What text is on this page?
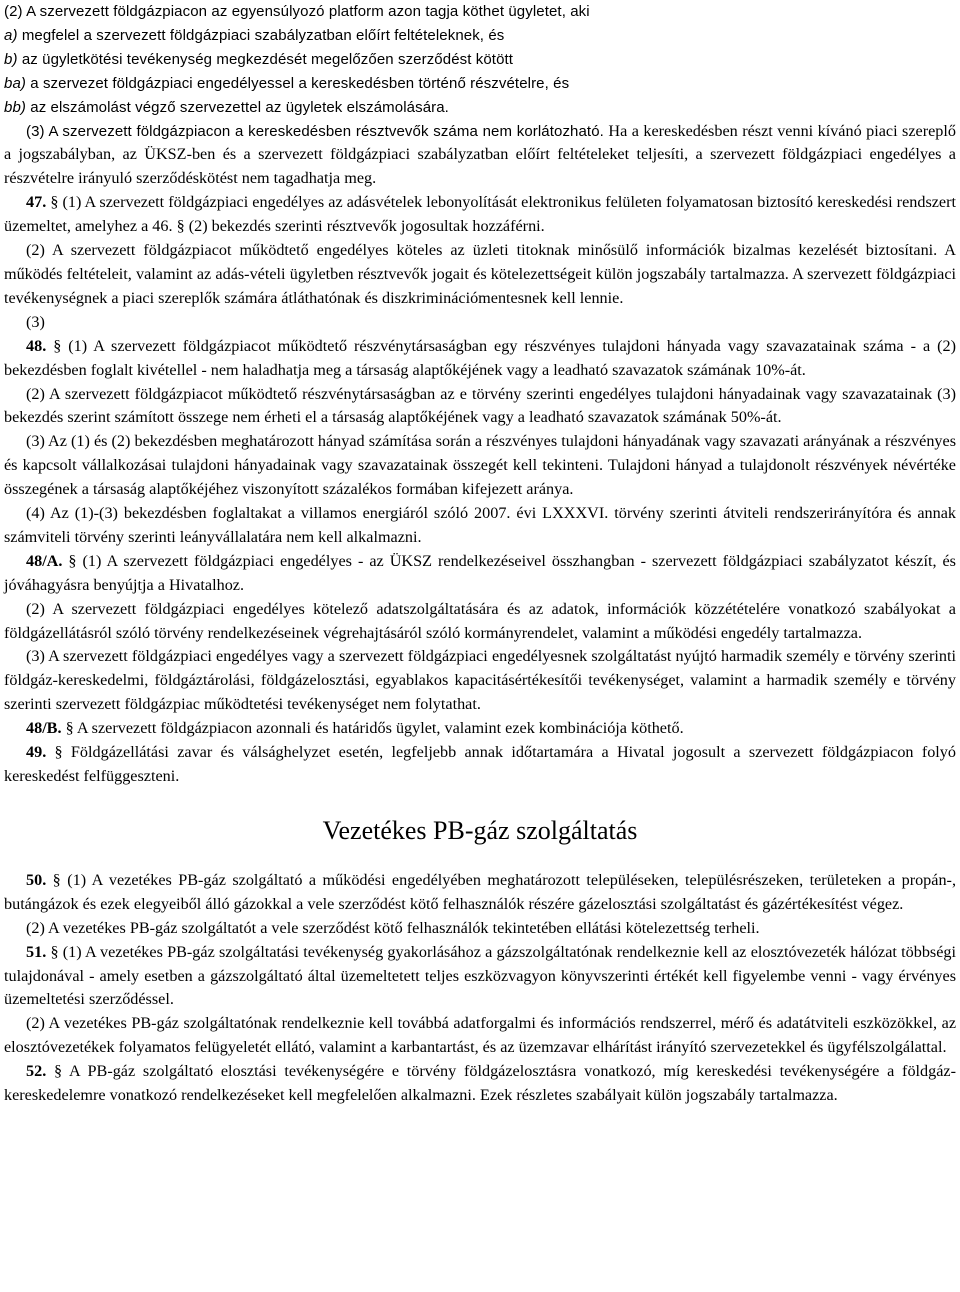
(2) A szervezett földgázpiacon az egyensúlyozó platform azon tagja köthet ügyletet, aki

a) megfelel a szervezett földgázpiaci szabályzatban előírt feltételeknek, és

b) az ügyletkötési tevékenység megkezdését megelőzően szerződést kötött

ba) a szervezet földgázpiaci engedélyessel a kereskedésben történő részvételre, és

bb) az elszámolást végző szervezettel az ügyletek elszámolására.

(3) A szervezett földgázpiacon a kereskedésben résztvevők száma nem korlátozható. Ha a kereskedésben részt venni kívánó piaci szereplő a jogszabályban, az ÜKSZ-ben és a szervezett földgázpiaci szabályzatban előírt feltételeket teljesíti, a szervezett földgázpiaci engedélyes a részvételre irányuló szerződéskötést nem tagadhatja meg.

47. § (1) A szervezett földgázpiaci engedélyes az adásvételek lebonyolítását elektronikus felületen folyamatosan biztosító kereskedési rendszert üzemeltet, amelyhez a 46. § (2) bekezdés szerinti résztvevők jogosultak hozzáférni.

(2) A szervezett földgázpiacot működtető engedélyes köteles az üzleti titoknak minősülő információk bizalmas kezelését biztosítani. A működés feltételeit, valamint az adás-vételi ügyletben résztvevők jogait és kötelezettségeit külön jogszabály tartalmazza. A szervezett földgázpiaci tevékenységnek a piaci szereplők számára átláthatónak és diszkriminációmentesnek kell lennie.

(3)

48. § (1) A szervezett földgázpiacot működtető részvénytársaságban egy részvényes tulajdoni hányada vagy szavazatainak száma - a (2) bekezdésben foglalt kivétellel - nem haladhatja meg a társaság alaptőkéjének vagy a leadható szavazatok számának 10%-át.

(2) A szervezett földgázpiacot működtető részvénytársaságban az e törvény szerinti engedélyes tulajdoni hányadainak vagy szavazatainak (3) bekezdés szerint számított összege nem érheti el a társaság alaptőkéjének vagy a leadható szavazatok számának 50%-át.

(3) Az (1) és (2) bekezdésben meghatározott hányad számítása során a részvényes tulajdoni hányadának vagy szavazati arányának a részvényes és kapcsolt vállalkozásai tulajdoni hányadainak vagy szavazatainak összegét kell tekinteni. Tulajdoni hányad a tulajdonolt részvények névértéke összegének a társaság alaptőkéjéhez viszonyított százalékos formában kifejezett aránya.

(4) Az (1)-(3) bekezdésben foglaltakat a villamos energiáról szóló 2007. évi LXXXVI. törvény szerinti átviteli rendszerirányítóra és annak számviteli törvény szerinti leányvállalatára nem kell alkalmazni.

48/A. § (1) A szervezett földgázpiaci engedélyes - az ÜKSZ rendelkezéseivel összhangban - szervezett földgázpiaci szabályzatot készít, és jóváhagyásra benyújtja a Hivatalhoz.

(2) A szervezett földgázpiaci engedélyes kötelező adatszolgáltatására és az adatok, információk közzétételére vonatkozó szabályokat a földgázellátásról szóló törvény rendelkezéseinek végrehajtásáról szóló kormányrendelet, valamint a működési engedély tartalmazza.

(3) A szervezett földgázpiaci engedélyes vagy a szervezett földgázpiaci engedélyesnek szolgáltatást nyújtó harmadik személy e törvény szerinti földgáz-kereskedelmi, földgáztárolási, földgázelosztási, egyablakos kapacitásértékesítői tevékenységet, valamint a harmadik személy e törvény szerinti szervezett földgázpiac működtetési tevékenységet nem folytathat.

48/B. § A szervezett földgázpiacon azonnali és határidős ügylet, valamint ezek kombinációja köthető.

49. § Földgázellátási zavar és válsághelyzet esetén, legfeljebb annak időtartamára a Hivatal jogosult a szervezett földgázpiacon folyó kereskedést felfüggeszteni.

Vezetékes PB-gáz szolgáltatás

50. § (1) A vezetékes PB-gáz szolgáltató a működési engedélyében meghatározott településeken, településrészeken, területeken a propán-, butángázok és ezek elegyeiből álló gázokkal a vele szerződést kötő felhasználók részére gázelosztási szolgáltatást és gázértékesítést végez.

(2) A vezetékes PB-gáz szolgáltatót a vele szerződést kötő felhasználók tekintetében ellátási kötelezettség terheli.

51. § (1) A vezetékes PB-gáz szolgáltatási tevékenység gyakorlásához a gázszolgáltatónak rendelkeznie kell az elosztóvezeték hálózat többségi tulajdonával - amely esetben a gázszolgáltató által üzemeltetett teljes eszközvagyon könyvszerinti értékét kell figyelembe venni - vagy érvényes üzemeltetési szerződéssel.

(2) A vezetékes PB-gáz szolgáltatónak rendelkeznie kell továbbá adatforgalmi és információs rendszerrel, mérő és adatátviteli eszközökkel, az elosztóvezetékek folyamatos felügyeletét ellátó, valamint a karbantartást, és az üzemzavar elhárítást irányító szervezetekkel és ügyfélszolgálattal.

52. § A PB-gáz szolgáltató elosztási tevékenységére e törvény földgázelosztásra vonatkozó, míg kereskedési tevékenységére a földgáz-kereskedelemre vonatkozó rendelkezéseket kell megfelelően alkalmazni. Ezek részletes szabályait külön jogszabály tartalmazza.
